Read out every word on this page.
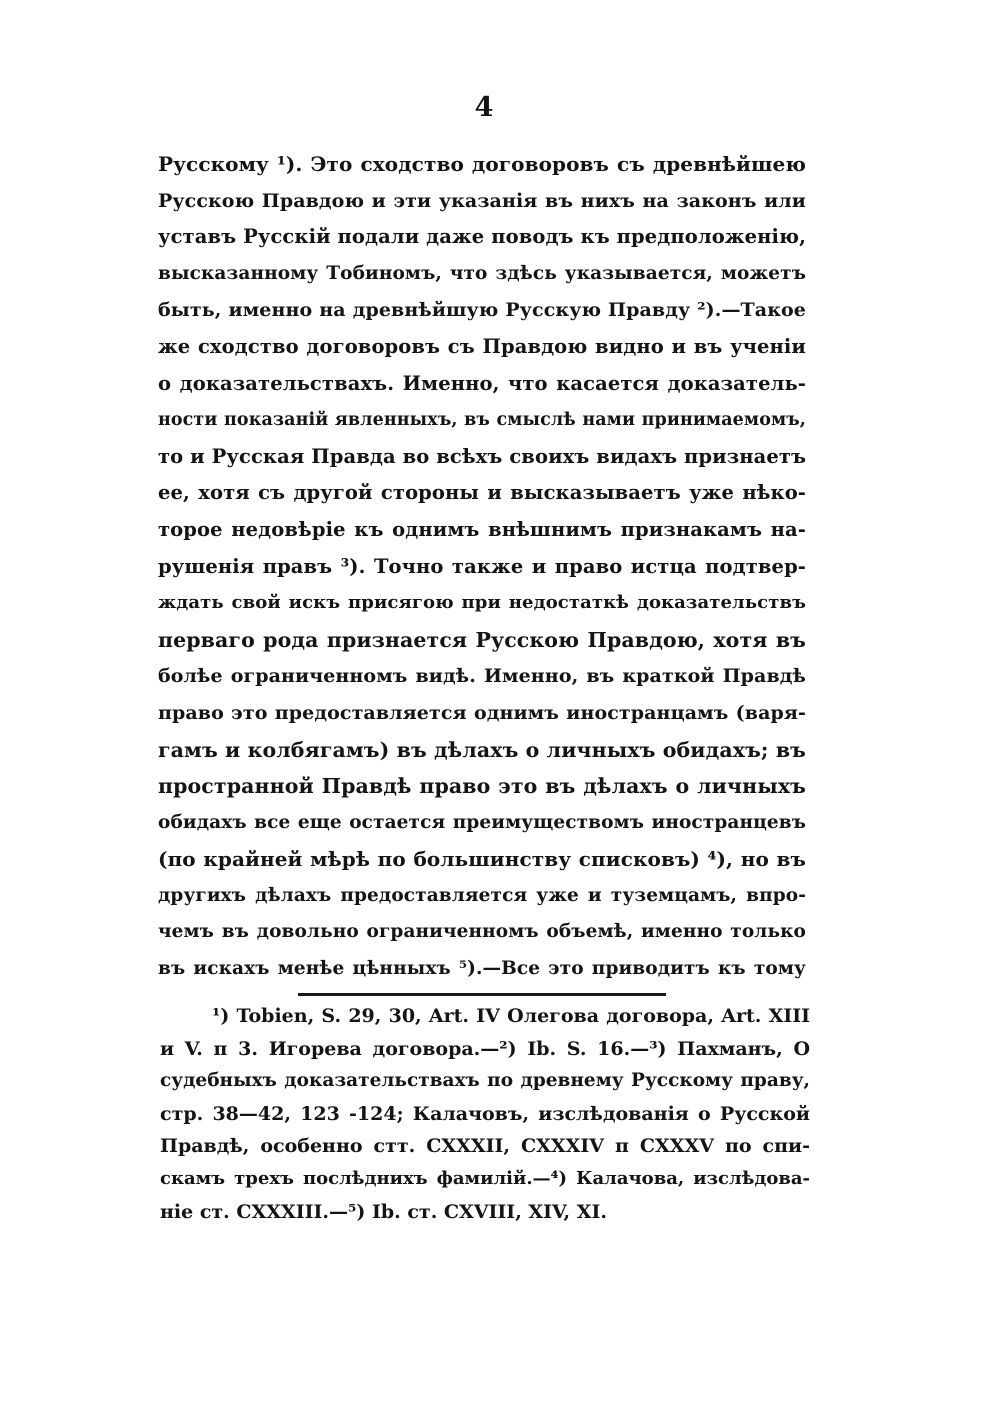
4
Русскому ¹). Это сходство договоровъ съ древнѣйшею
Русскою Правдою и эти указанія въ нихъ на законъ или
уставъ Русскій подали даже поводъ къ предположенію,
высказанному Тобиномъ, что здѣсь указывается, можетъ
быть, именно на древнѣйшую Русскую Правду ²).—Такое
же сходство договоровъ съ Правдою видно и въ ученіи
о доказательствахъ. Именно, что касается доказатель-
ности показаній явленныхъ, въ смыслѣ нами принимаемомъ,
то и Русская Правда во всѣхъ своихъ видахъ признаетъ
ее, хотя съ другой стороны и высказываетъ уже нѣко-
торое недовѣріе къ однимъ внѣшнимъ признакамъ на-
рушенія правъ ³). Точно также и право истца подтвер-
ждать свой искъ присягою при недостаткѣ доказательствъ
перваго рода признается Русскою Правдою, хотя въ
болѣе ограниченномъ видѣ. Именно, въ краткой Правдѣ
право это предоставляется однимъ иностранцамъ (варя-
гамъ и колбягамъ) въ дѣлахъ о личныхъ обидахъ; въ
пространной Правдѣ право это въ дѣлахъ о личныхъ
обидахъ все еще остается преимуществомъ иностранцевъ
(по крайней мѣрѣ по большинству списковъ) ⁴), но въ
другихъ дѣлахъ предоставляется уже и туземцамъ, впро-
чемъ въ довольно ограниченномъ объемѣ, именно только
въ искахъ менѣе цѣнныхъ ⁵).—Все это приводитъ къ тому
¹) Tobien, S. 29, 30, Art. IV Олегова договора, Art. XIII
и V. п 3. Игорева договора.—²) Ib. S. 16.—³) Пахманъ, О
судебныхъ доказательствахъ по древнему Русскому праву,
стр. 38—42, 123 -124; Калачовъ, изслѣдованія о Русской
Правдѣ, особенно стт. CXXXII, CXXXIV п CXXXV по спи-
скамъ трехъ послѣднихъ фамилій.—⁴) Калачова, изслѣдова-
ніе ст. CXXXIII.—⁵) Ib. ст. CXVIII, XIV, XI.
